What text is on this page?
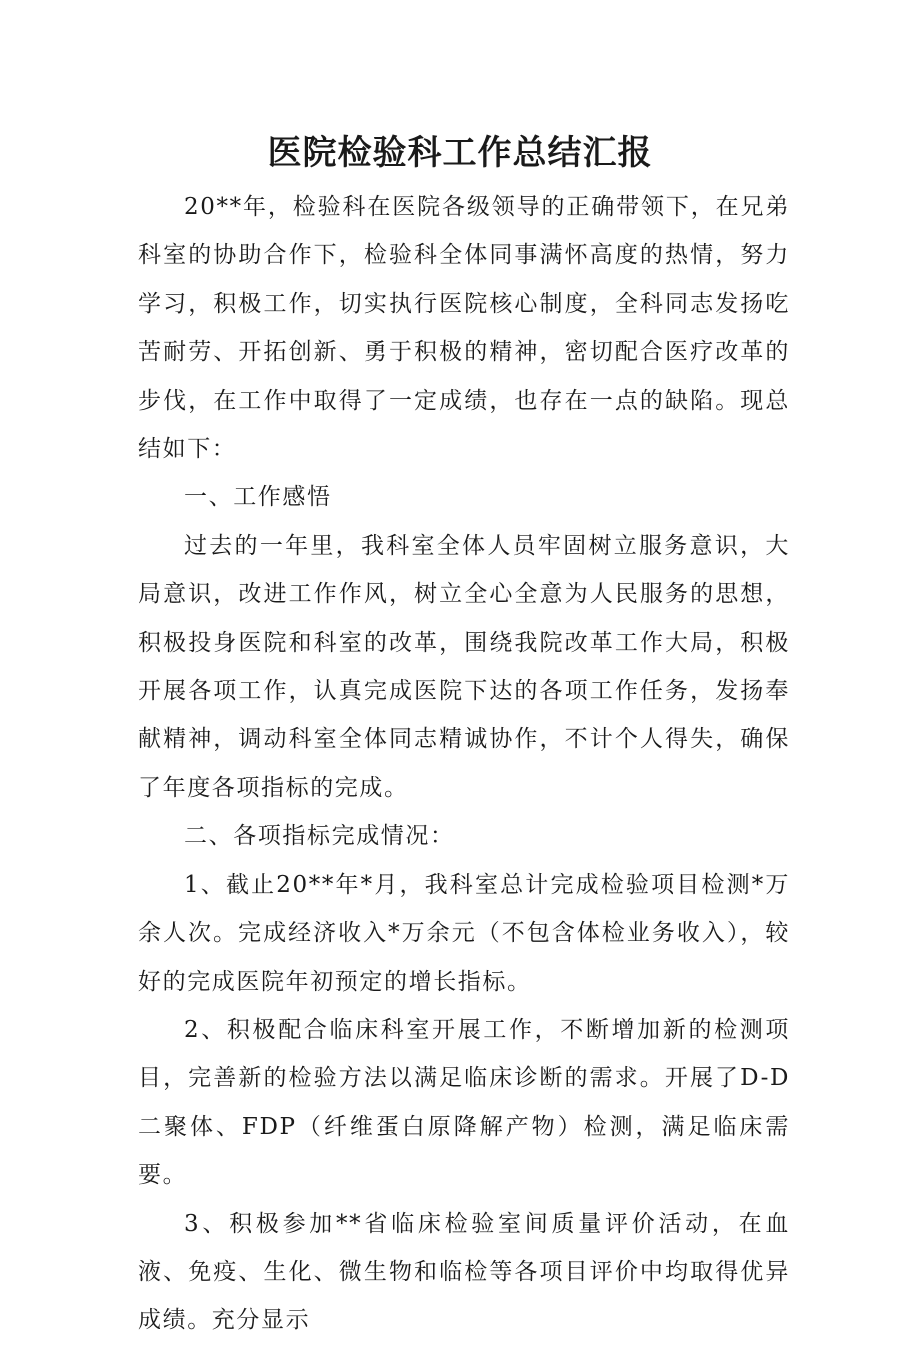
医院检验科工作总结汇报

20**年，检验科在医院各级领导的正确带领下，在兄弟科室的协助合作下，检验科全体同事满怀高度的热情，努力学习，积极工作，切实执行医院核心制度，全科同志发扬吃苦耐劳、开拓创新、勇于积极的精神，密切配合医疗改革的步伐，在工作中取得了一定成绩，也存在一点的缺陷。现总结如下：

一、工作感悟

过去的一年里，我科室全体人员牢固树立服务意识，大局意识，改进工作作风，树立全心全意为人民服务的思想，积极投身医院和科室的改革，围绕我院改革工作大局，积极开展各项工作，认真完成医院下达的各项工作任务，发扬奉献精神，调动科室全体同志精诚协作，不计个人得失，确保了年度各项指标的完成。

二、各项指标完成情况：

1、截止20**年*月，我科室总计完成检验项目检测*万余人次。完成经济收入*万余元（不包含体检业务收入），较好的完成医院年初预定的增长指标。

2、积极配合临床科室开展工作，不断增加新的检测项目，完善新的检验方法以满足临床诊断的需求。开展了D-D二聚体、FDP（纤维蛋白原降解产物）检测，满足临床需要。

3、积极参加**省临床检验室间质量评价活动，在血液、免疫、生化、微生物和临检等各项目评价中均取得优异成绩。充分显示
